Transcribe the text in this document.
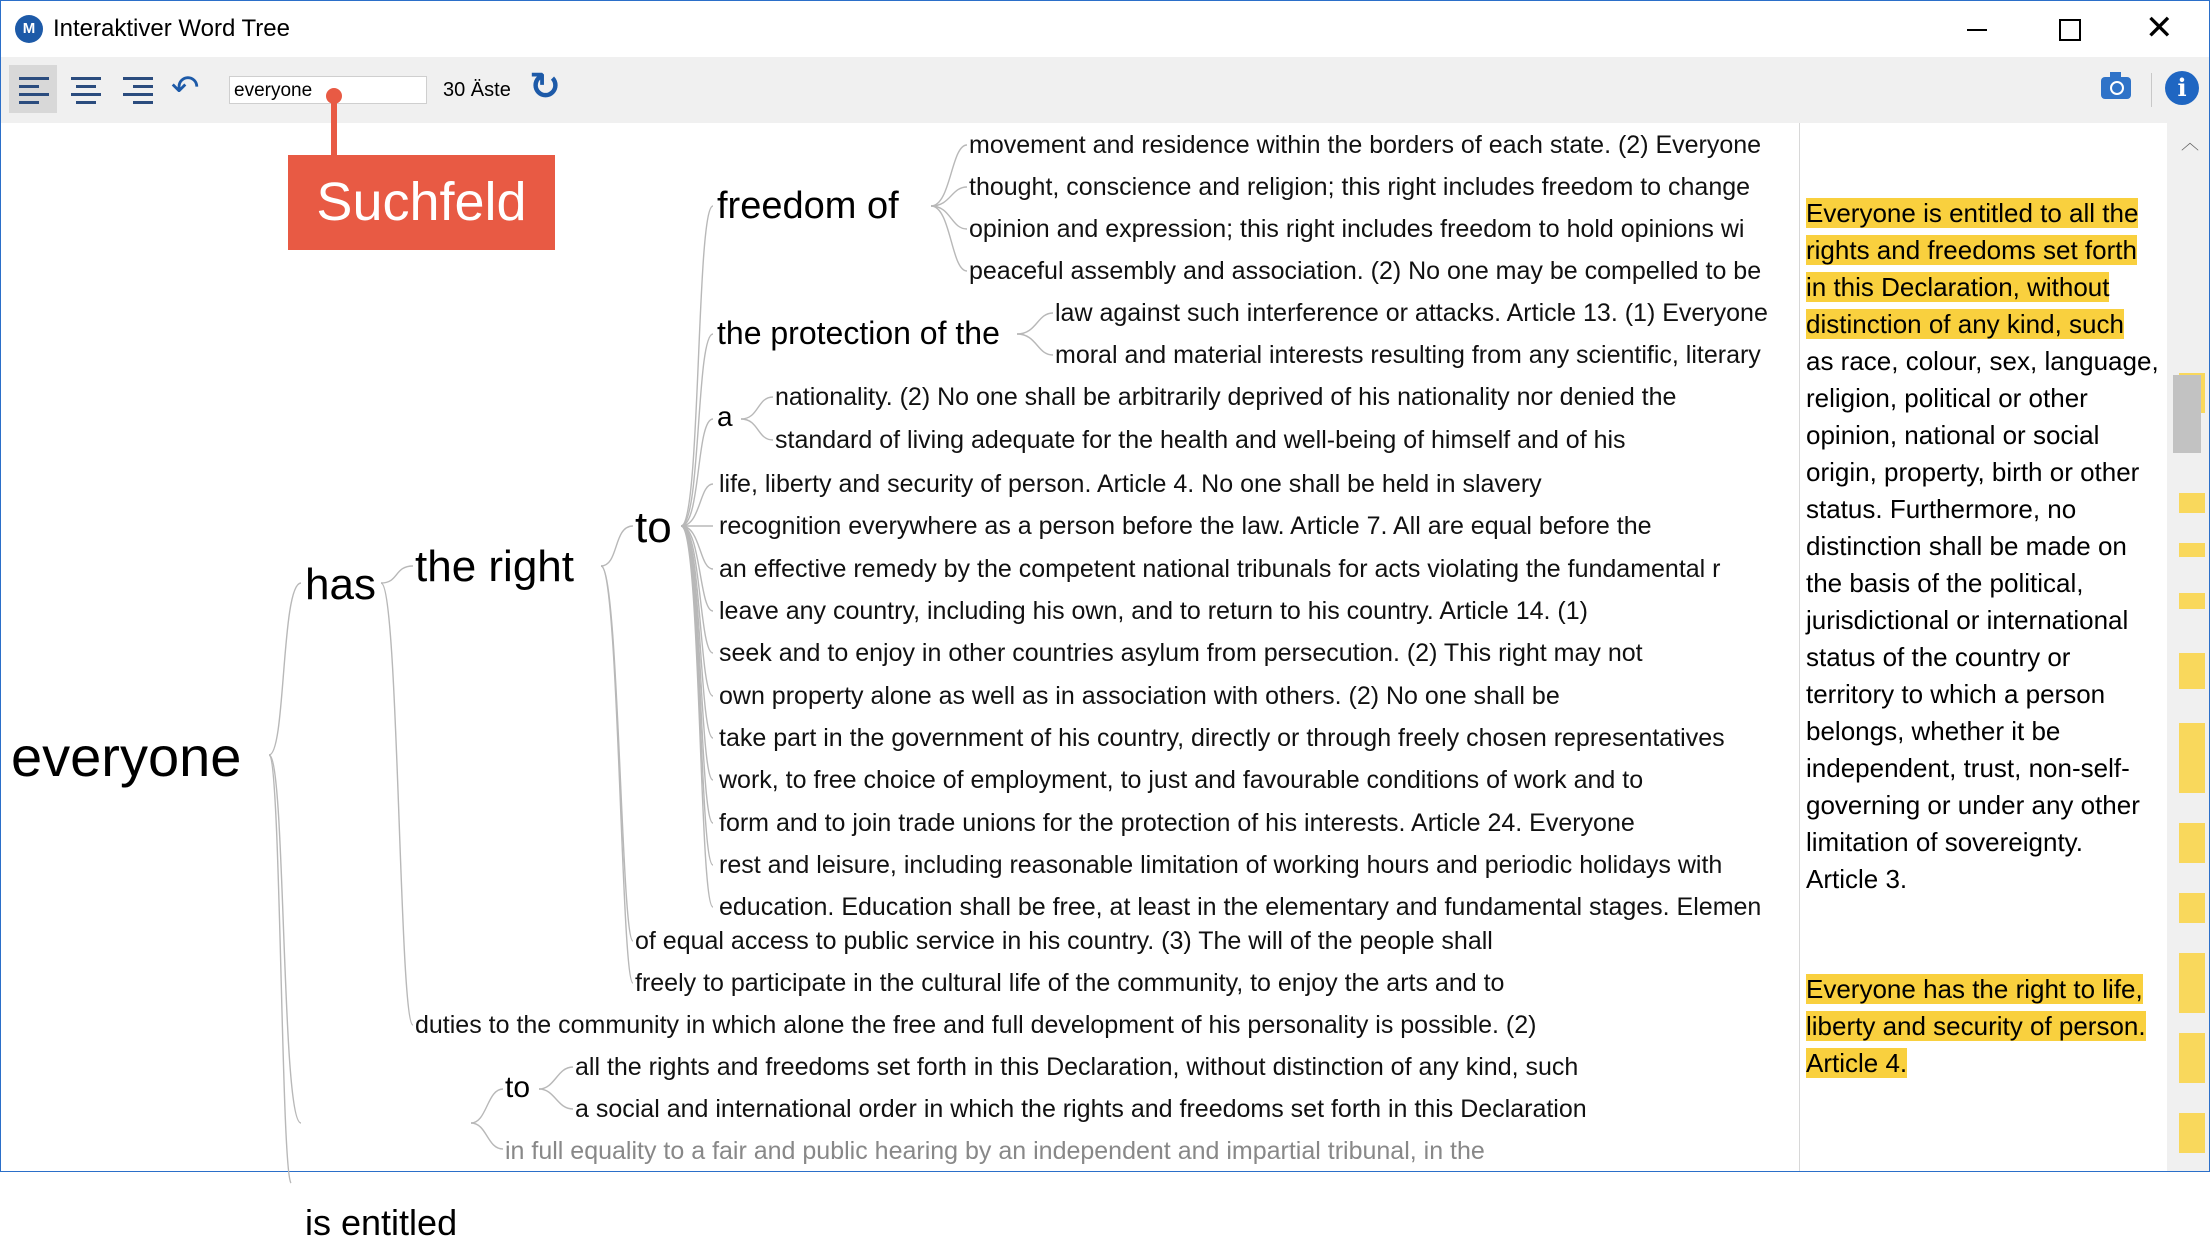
M Interaktiver Word Tree	✕
↶ everyone	30 Äste ↻	i
everyone
has the right
to
freedom of
the protection of the
a
is entitled
to
movement and residence within the borders of each state. (2) Everyone
thought, conscience and religion; this right includes freedom to change
opinion and expression; this right includes freedom to hold opinions wi
peaceful assembly and association. (2) No one may be compelled to be
law against such interference or attacks. Article 13. (1) Everyone
moral and material interests resulting from any scientific, literary
nationality. (2) No one shall be arbitrarily deprived of his nationality nor denied the
standard of living adequate for the health and well-being of himself and of his
life, liberty and security of person. Article 4. No one shall be held in slavery
recognition everywhere as a person before the law. Article 7. All are equal before the
an effective remedy by the competent national tribunals for acts violating the fundamental r
leave any country, including his own, and to return to his country. Article 14. (1)
seek and to enjoy in other countries asylum from persecution. (2) This right may not
own property alone as well as in association with others. (2) No one shall be
take part in the government of his country, directly or through freely chosen representatives
work, to free choice of employment, to just and favourable conditions of work and to
form and to join trade unions for the protection of his interests. Article 24. Everyone
rest and leisure, including reasonable limitation of working hours and periodic holidays with
education. Education shall be free, at least in the elementary and fundamental stages. Elemen
of equal access to public service in his country. (3) The will of the people shall
freely to participate in the cultural life of the community, to enjoy the arts and to
duties to the community in which alone the free and full development of his personality is possible. (2)
all the rights and freedoms set forth in this Declaration, without distinction of any kind, such
a social and international order in which the rights and freedoms set forth in this Declaration
in full equality to a fair and public hearing by an independent and impartial tribunal, in the
Suchfeld	Everyone is entitled to all the
rights and freedoms set forth
in this Declaration, without
distinction of any kind, such
as race, colour, sex, language,
religion, political or other
opinion, national or social
origin, property, birth or other
status. Furthermore, no
distinction shall be made on
the basis of the political,
jurisdictional or international
status of the country or
territory to which a person
belongs, whether it be
independent, trust, non-self-
governing or under any other
limitation of sovereignty.
Article 3.
Everyone has the right to life,
liberty and security of person.
Article 4.
︿
